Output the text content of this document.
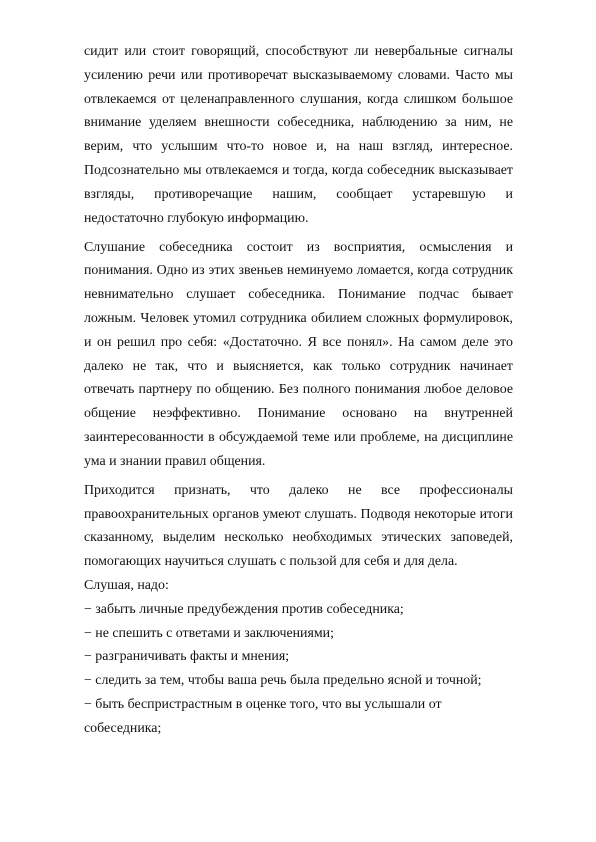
сидит или стоит говорящий, способствуют ли невербальные сигналы усилению речи или противоречат высказываемому словами. Часто мы отвлекаемся от целенаправленного слушания, когда слишком большое внимание уделяем внешности собеседника, наблюдению за ним, не верим, что услышим что-то новое и, на наш взгляд, интересное. Подсознательно мы отвлекаемся и тогда, когда собеседник высказывает взгляды, противоречащие нашим, сообщает устаревшую и недостаточно глубокую информацию.

Слушание собеседника состоит из восприятия, осмысления и понимания. Одно из этих звеньев неминуемо ломается, когда сотрудник невнимательно слушает собеседника. Понимание подчас бывает ложным. Человек утомил сотрудника обилием сложных формулировок, и он решил про себя: «Достаточно. Я все понял». На самом деле это далеко не так, что и выясняется, как только сотрудник начинает отвечать партнеру по общению. Без полного понимания любое деловое общение неэффективно. Понимание основано на внутренней заинтересованности в обсуждаемой теме или проблеме, на дисциплине ума и знании правил общения.

Приходится признать, что далеко не все профессионалы правоохранительных органов умеют слушать. Подводя некоторые итоги сказанному, выделим несколько необходимых этических заповедей, помогающих научиться слушать с пользой для себя и для дела.

Слушая, надо:

− забыть личные предубеждения против собеседника;

− не спешить с ответами и заключениями;

− разграничивать факты и мнения;

− следить за тем, чтобы ваша речь была предельно ясной и точной;

− быть беспристрастным в оценке того, что вы услышали от собеседника;
